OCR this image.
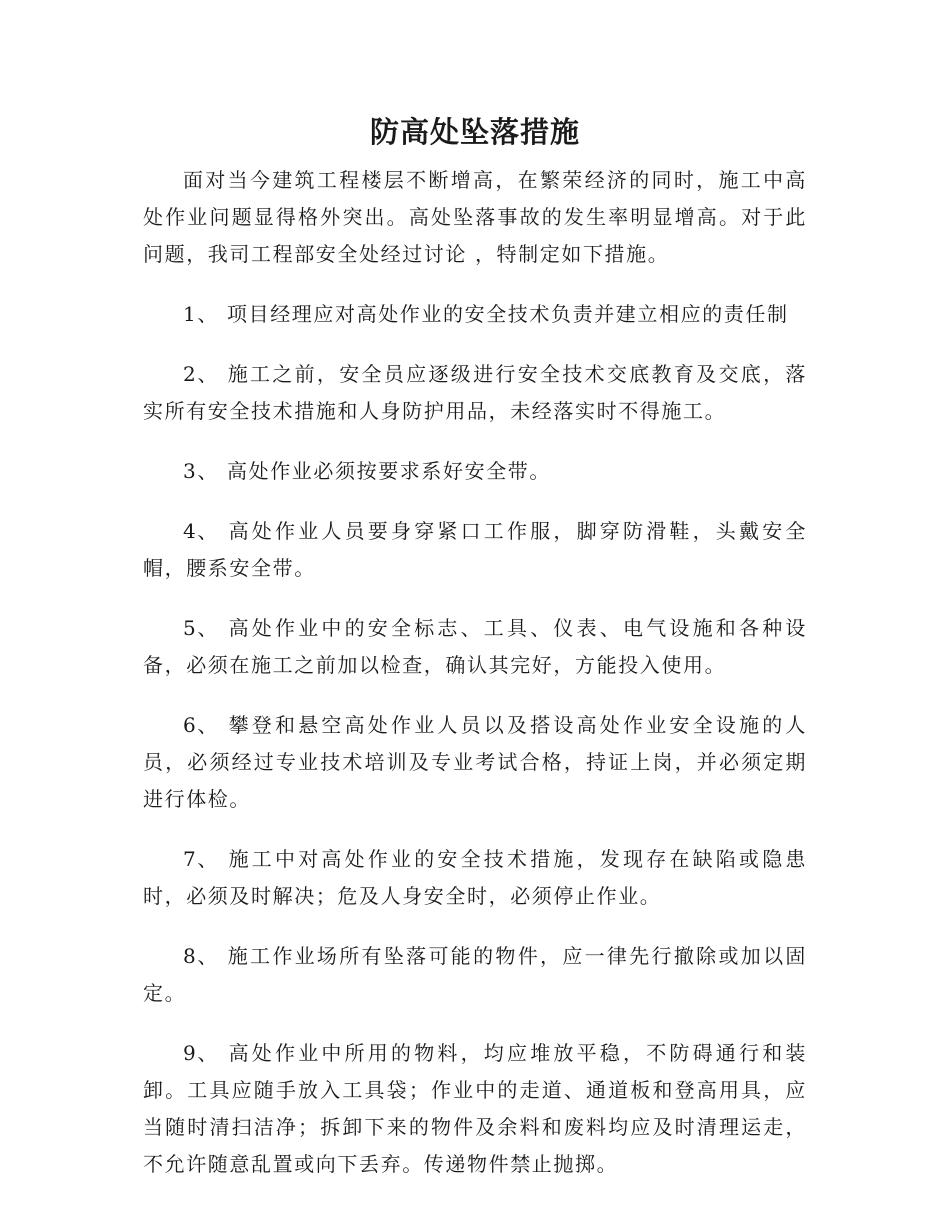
防高处坠落措施

面对当今建筑工程楼层不断增高，在繁荣经济的同时，施工中高处作业问题显得格外突出。高处坠落事故的发生率明显增高。对于此问题，我司工程部安全处经过讨论 ，特制定如下措施。

1、 项目经理应对高处作业的安全技术负责并建立相应的责任制

2、 施工之前，安全员应逐级进行安全技术交底教育及交底，落实所有安全技术措施和人身防护用品，未经落实时不得施工。

3、 高处作业必须按要求系好安全带。

4、 高处作业人员要身穿紧口工作服，脚穿防滑鞋，头戴安全帽，腰系安全带。

5、 高处作业中的安全标志、工具、仪表、电气设施和各种设备，必须在施工之前加以检查，确认其完好，方能投入使用。

6、 攀登和悬空高处作业人员以及搭设高处作业安全设施的人员，必须经过专业技术培训及专业考试合格，持证上岗，并必须定期进行体检。

7、 施工中对高处作业的安全技术措施，发现存在缺陷或隐患时，必须及时解决；危及人身安全时，必须停止作业。

8、 施工作业场所有坠落可能的物件，应一律先行撤除或加以固定。

9、 高处作业中所用的物料，均应堆放平稳，不防碍通行和装卸。工具应随手放入工具袋；作业中的走道、通道板和登高用具，应当随时清扫洁净；拆卸下来的物件及余料和废料均应及时清理运走，不允许随意乱置或向下丢弃。传递物件禁止抛掷。
